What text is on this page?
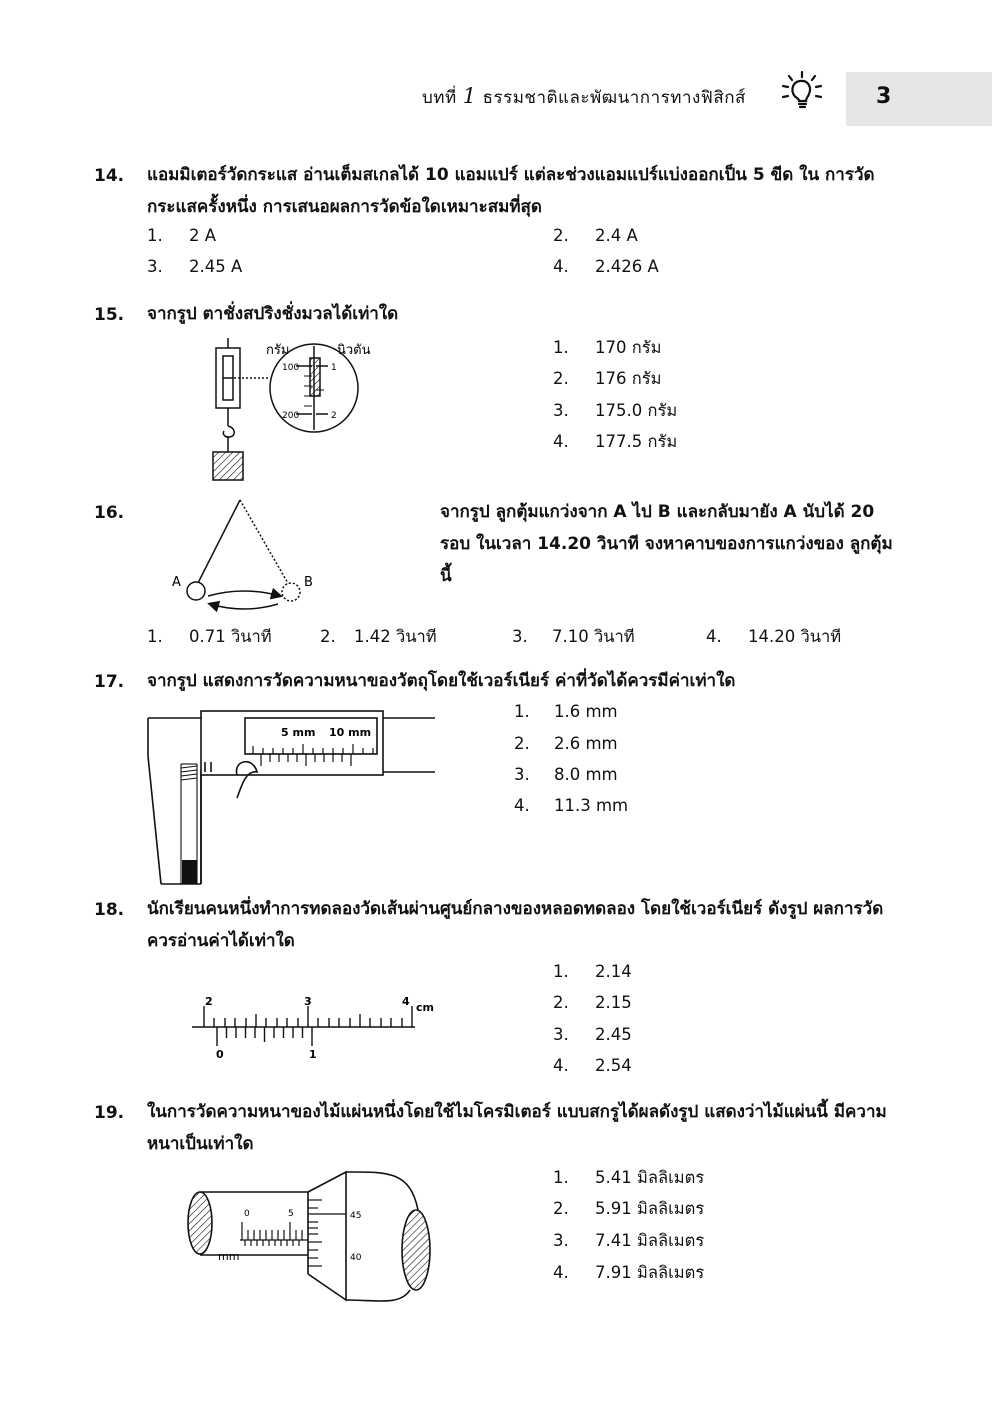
บทที่ 1 ธรรมชาติและพัฒนาการทางฟิสิกส์	3
14. แอมมิเตอร์วัดกระแส อ่านเต็มสเกลได้ 10 แอมแปร์ แต่ละช่วงแอมแปร์แบ่งออกเป็น 5 ขีด ใน การวัดกระแสครั้งหนึ่ง การเสนอผลการวัดข้อใดเหมาะสมที่สุด
1. 2 A	2. 2.4 A
3. 2.45 A	4. 2.426 A
15. จากรูป ตาชั่งสปริงชั่งมวลได้เท่าใด
กรัม	นิวตัน
100
200
1
2
1. 170 กรัม
2. 176 กรัม
3. 175.0 กรัม
4. 177.5 กรัม
16.
A	B
จากรูป ลูกตุ้มแกว่งจาก A ไป B และกลับมายัง A นับได้ 20 รอบ ในเวลา 14.20 วินาที จงหาคาบของการแกว่งของ ลูกตุ้มนี้
1. 0.71 วินาที	2. 1.42 วินาที	3. 7.10 วินาที	4. 14.20 วินาที
17. จากรูป แสดงการวัดความหนาของวัตถุโดยใช้เวอร์เนียร์ ค่าที่วัดได้ควรมีค่าเท่าใด
5 mm 10 mm
1. 1.6 mm
2. 2.6 mm
3. 8.0 mm
4. 11.3 mm
18. นักเรียนคนหนึ่งทำการทดลองวัดเส้นผ่านศูนย์กลางของหลอดทดลอง โดยใช้เวอร์เนียร์ ดังรูป ผลการวัดควรอ่านค่าได้เท่าใด
2	3	4 cm
0	1
1. 2.14
2. 2.15
3. 2.45
4. 2.54
19. ในการวัดความหนาของไม้แผ่นหนึ่งโดยใช้ไมโครมิเตอร์ แบบสกรูได้ผลดังรูป แสดงว่าไม้แผ่นนี้ มีความหนาเป็นเท่าใด
0	5
mm
45
40
1. 5.41 มิลลิเมตร
2. 5.91 มิลลิเมตร
3. 7.41 มิลลิเมตร
4. 7.91 มิลลิเมตร
